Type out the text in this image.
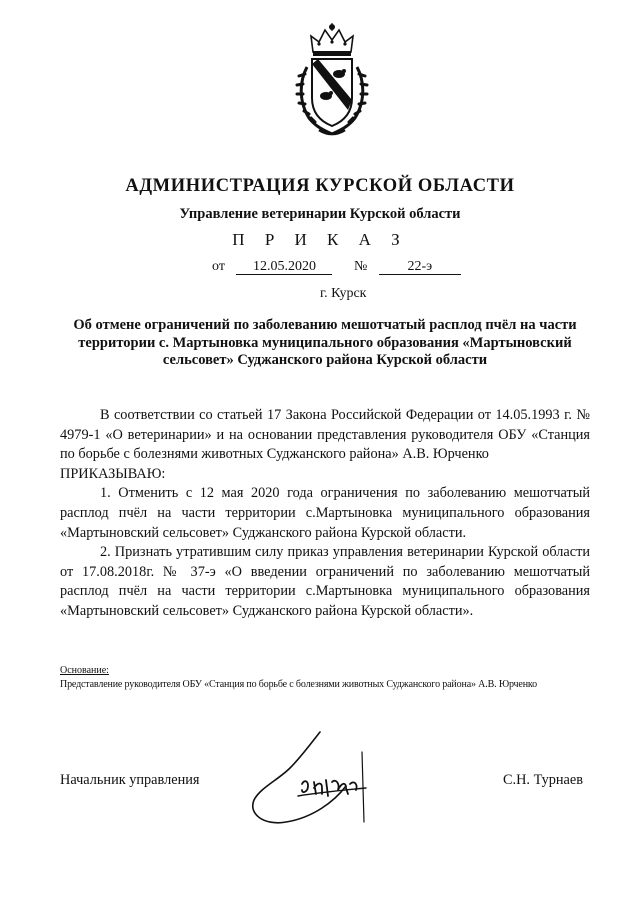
АДМИНИСТРАЦИЯ КУРСКОЙ ОБЛАСТИ
Управление ветеринарии Курской области
П Р И К А З
от 12.05.2020	№	22-э
г. Курск
Об отмене ограничений по заболеванию мешотчатый расплод пчёл на части территории с. Мартыновка муниципального образования «Мартыновский сельсовет» Суджанского района Курской области

В соответствии со статьей 17 Закона Российской Федерации от 14.05.1993 г. № 4979-1 «О ветеринарии» и на основании представления руководителя ОБУ «Станция по борьбе с болезнями животных Суджанского района» А.В. Юрченко

ПРИКАЗЫВАЮ:

1. Отменить с 12 мая 2020 года ограничения по заболеванию мешотчатый расплод пчёл на части территории с.Мартыновка муниципального образования «Мартыновский сельсовет» Суджанского района Курской области.

2. Признать утратившим силу приказ управления ветеринарии Курской области от 17.08.2018г. № 37-э «О введении ограничений по заболеванию мешотчатый расплод пчёл на части территории с.Мартыновка муниципального образования «Мартыновский сельсовет» Суджанского района Курской области».

Основание:
Представление руководителя ОБУ «Станция по борьбе с болезнями животных Суджанского района» А.В. Юрченко
Начальник управления	С.Н. Турнаев
